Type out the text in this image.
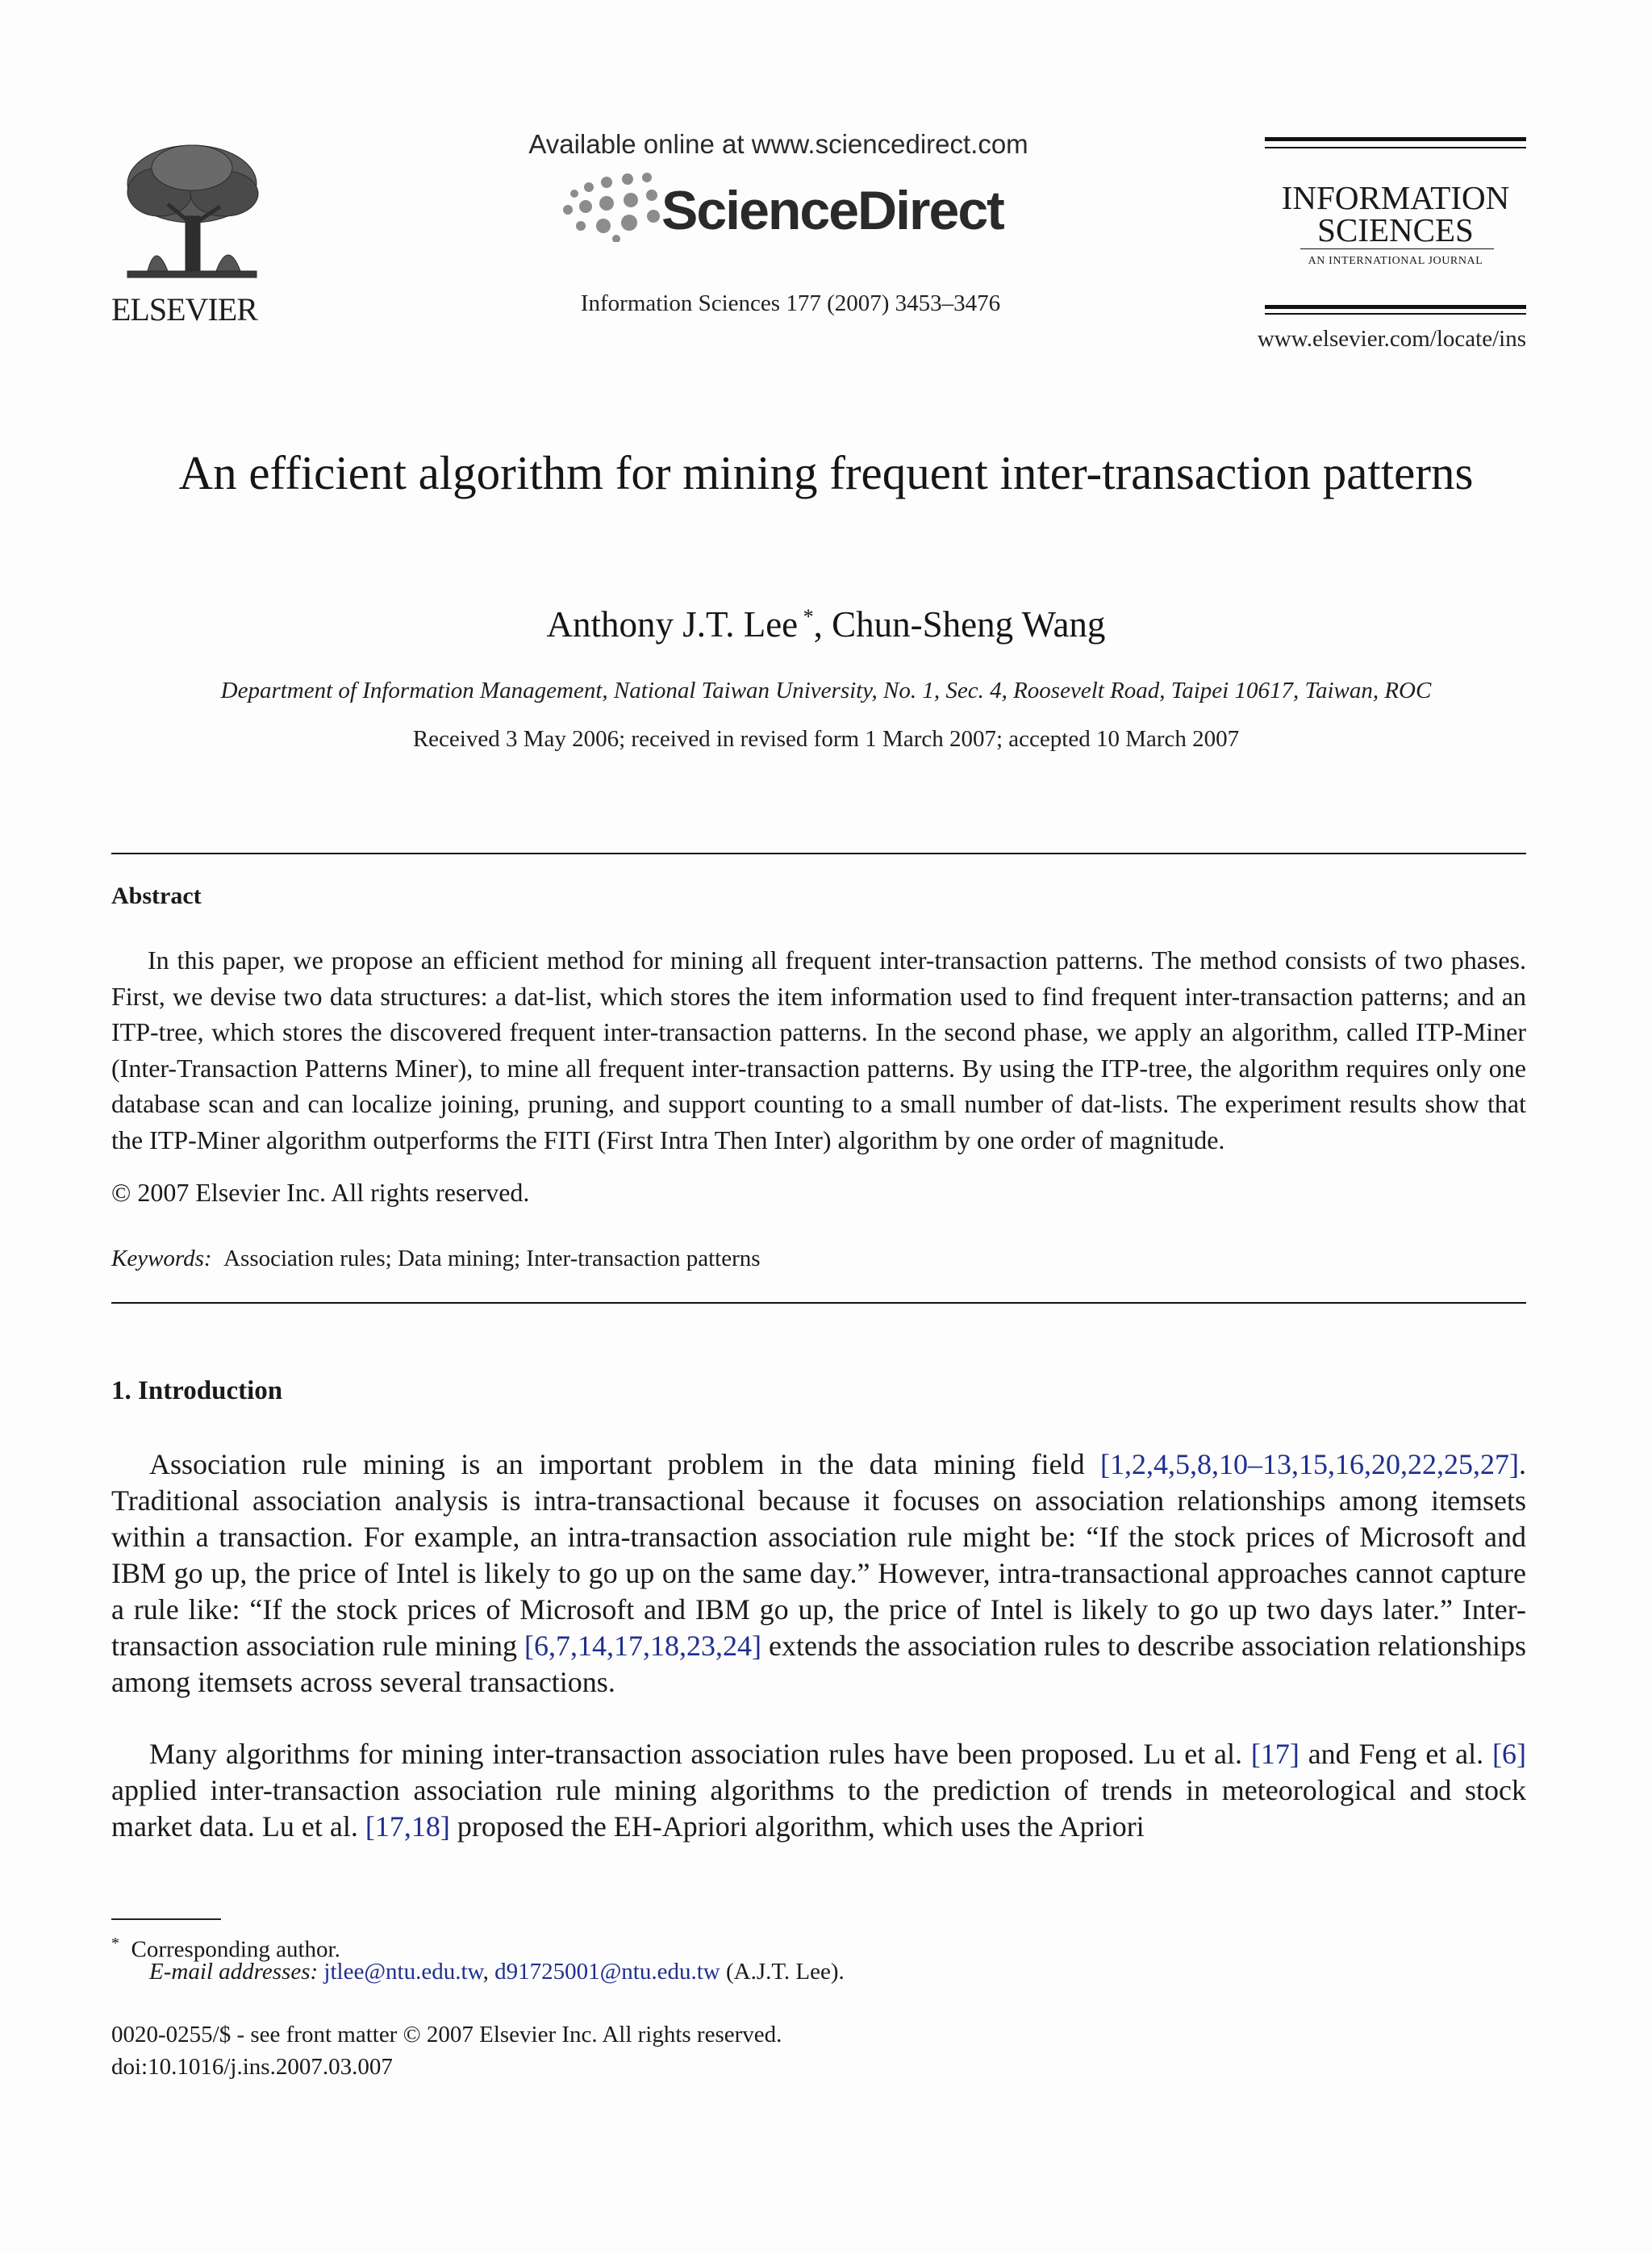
ELSEVIER
Available online at www.sciencedirect.com
ScienceDirect
Information Sciences 177 (2007) 3453–3476
INFORMATION SCIENCES
AN INTERNATIONAL JOURNAL
www.elsevier.com/locate/ins
An efficient algorithm for mining frequent inter-transaction patterns
Anthony J.T. Lee *, Chun-Sheng Wang
Department of Information Management, National Taiwan University, No. 1, Sec. 4, Roosevelt Road, Taipei 10617, Taiwan, ROC
Received 3 May 2006; received in revised form 1 March 2007; accepted 10 March 2007
Abstract
In this paper, we propose an efficient method for mining all frequent inter-transaction patterns. The method consists of two phases. First, we devise two data structures: a dat-list, which stores the item information used to find frequent inter-transaction patterns; and an ITP-tree, which stores the discovered frequent inter-transaction patterns. In the second phase, we apply an algorithm, called ITP-Miner (Inter-Transaction Patterns Miner), to mine all frequent inter-transaction patterns. By using the ITP-tree, the algorithm requires only one database scan and can localize joining, pruning, and support counting to a small number of dat-lists. The experiment results show that the ITP-Miner algorithm outperforms the FITI (First Intra Then Inter) algorithm by one order of magnitude.
© 2007 Elsevier Inc. All rights reserved.
Keywords: Association rules; Data mining; Inter-transaction patterns
1. Introduction
Association rule mining is an important problem in the data mining field [1,2,4,5,8,10–13,15,16,20,22,25,27]. Traditional association analysis is intra-transactional because it focuses on association relationships among itemsets within a transaction. For example, an intra-transaction association rule might be: “If the stock prices of Microsoft and IBM go up, the price of Intel is likely to go up on the same day.” However, intra-transactional approaches cannot capture a rule like: “If the stock prices of Microsoft and IBM go up, the price of Intel is likely to go up two days later.” Inter-transaction association rule mining [6,7,14,17,18,23,24] extends the association rules to describe association relationships among itemsets across several transactions.
Many algorithms for mining inter-transaction association rules have been proposed. Lu et al. [17] and Feng et al. [6] applied inter-transaction association rule mining algorithms to the prediction of trends in meteorological and stock market data. Lu et al. [17,18] proposed the EH-Apriori algorithm, which uses the Apriori
* Corresponding author.
E-mail addresses: jtlee@ntu.edu.tw, d91725001@ntu.edu.tw (A.J.T. Lee).
0020-0255/$ - see front matter © 2007 Elsevier Inc. All rights reserved.
doi:10.1016/j.ins.2007.03.007
